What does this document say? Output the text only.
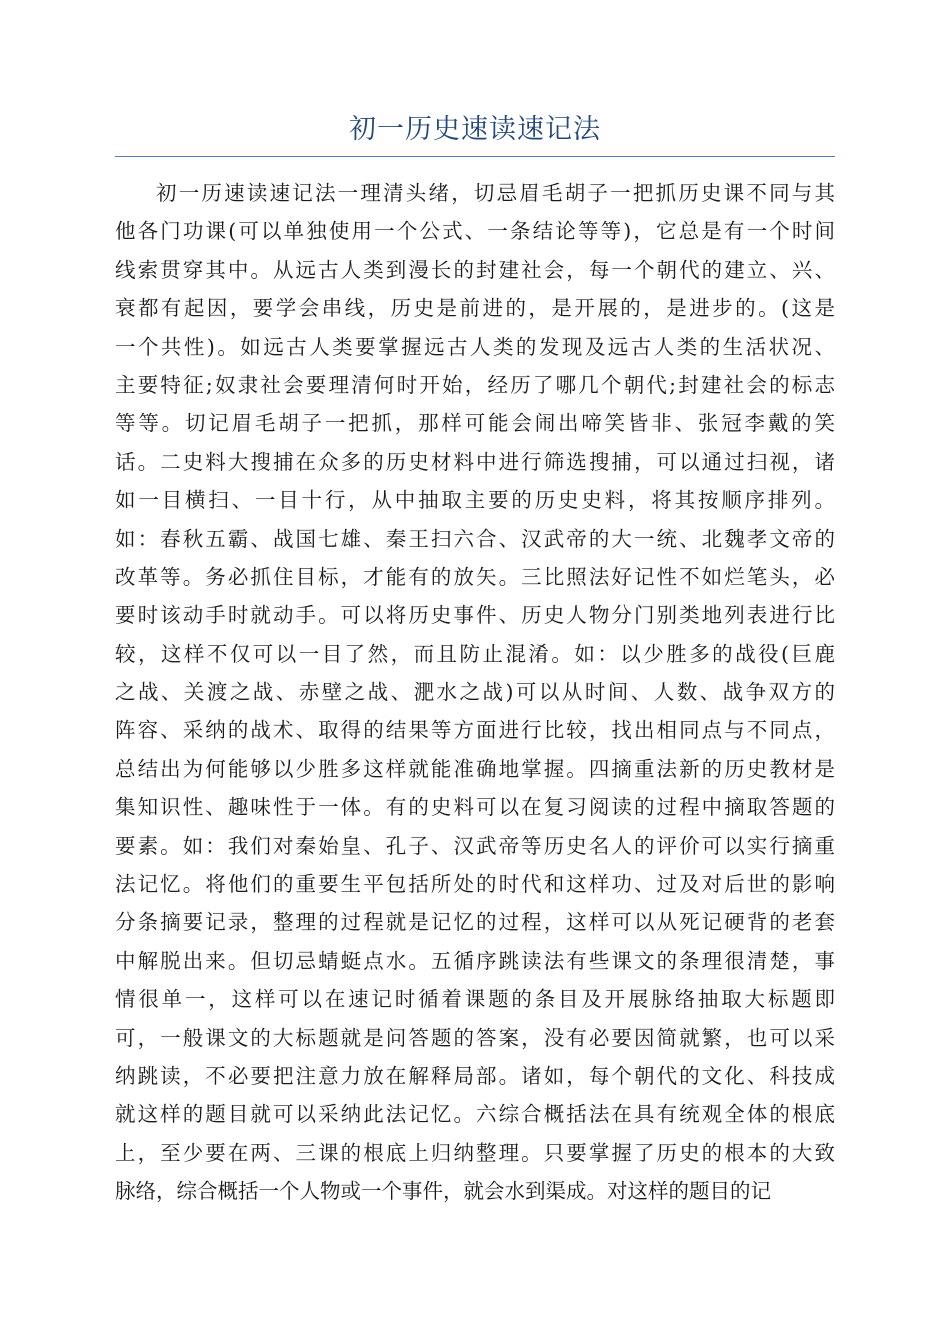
初一历史速读速记法
初一历速读速记法一理清头绪，切忌眉毛胡子一把抓历史课不同与其
他各门功课(可以单独使用一个公式、一条结论等等)，它总是有一个时间
线索贯穿其中。从远古人类到漫长的封建社会，每一个朝代的建立、兴、
衰都有起因，要学会串线，历史是前进的，是开展的，是进步的。(这是
一个共性)。如远古人类要掌握远古人类的发现及远古人类的生活状况、
主要特征;奴隶社会要理清何时开始，经历了哪几个朝代;封建社会的标志
等等。切记眉毛胡子一把抓，那样可能会闹出啼笑皆非、张冠李戴的笑
话。二史料大搜捕在众多的历史材料中进行筛选搜捕，可以通过扫视，诸
如一目横扫、一目十行，从中抽取主要的历史史料，将其按顺序排列。
如：春秋五霸、战国七雄、秦王扫六合、汉武帝的大一统、北魏孝文帝的
改革等。务必抓住目标，才能有的放矢。三比照法好记性不如烂笔头，必
要时该动手时就动手。可以将历史事件、历史人物分门别类地列表进行比
较，这样不仅可以一目了然，而且防止混淆。如：以少胜多的战役(巨鹿
之战、关渡之战、赤壁之战、淝水之战)可以从时间、人数、战争双方的
阵容、采纳的战术、取得的结果等方面进行比较，找出相同点与不同点，
总结出为何能够以少胜多这样就能准确地掌握。四摘重法新的历史教材是
集知识性、趣味性于一体。有的史料可以在复习阅读的过程中摘取答题的
要素。如：我们对秦始皇、孔子、汉武帝等历史名人的评价可以实行摘重
法记忆。将他们的重要生平包括所处的时代和这样功、过及对后世的影响
分条摘要记录，整理的过程就是记忆的过程，这样可以从死记硬背的老套
中解脱出来。但切忌蜻蜓点水。五循序跳读法有些课文的条理很清楚，事
情很单一，这样可以在速记时循着课题的条目及开展脉络抽取大标题即
可，一般课文的大标题就是问答题的答案，没有必要因简就繁，也可以采
纳跳读，不必要把注意力放在解释局部。诸如，每个朝代的文化、科技成
就这样的题目就可以采纳此法记忆。六综合概括法在具有统观全体的根底
上，至少要在两、三课的根底上归纳整理。只要掌握了历史的根本的大致
脉络，综合概括一个人物或一个事件，就会水到渠成。对这样的题目的记
